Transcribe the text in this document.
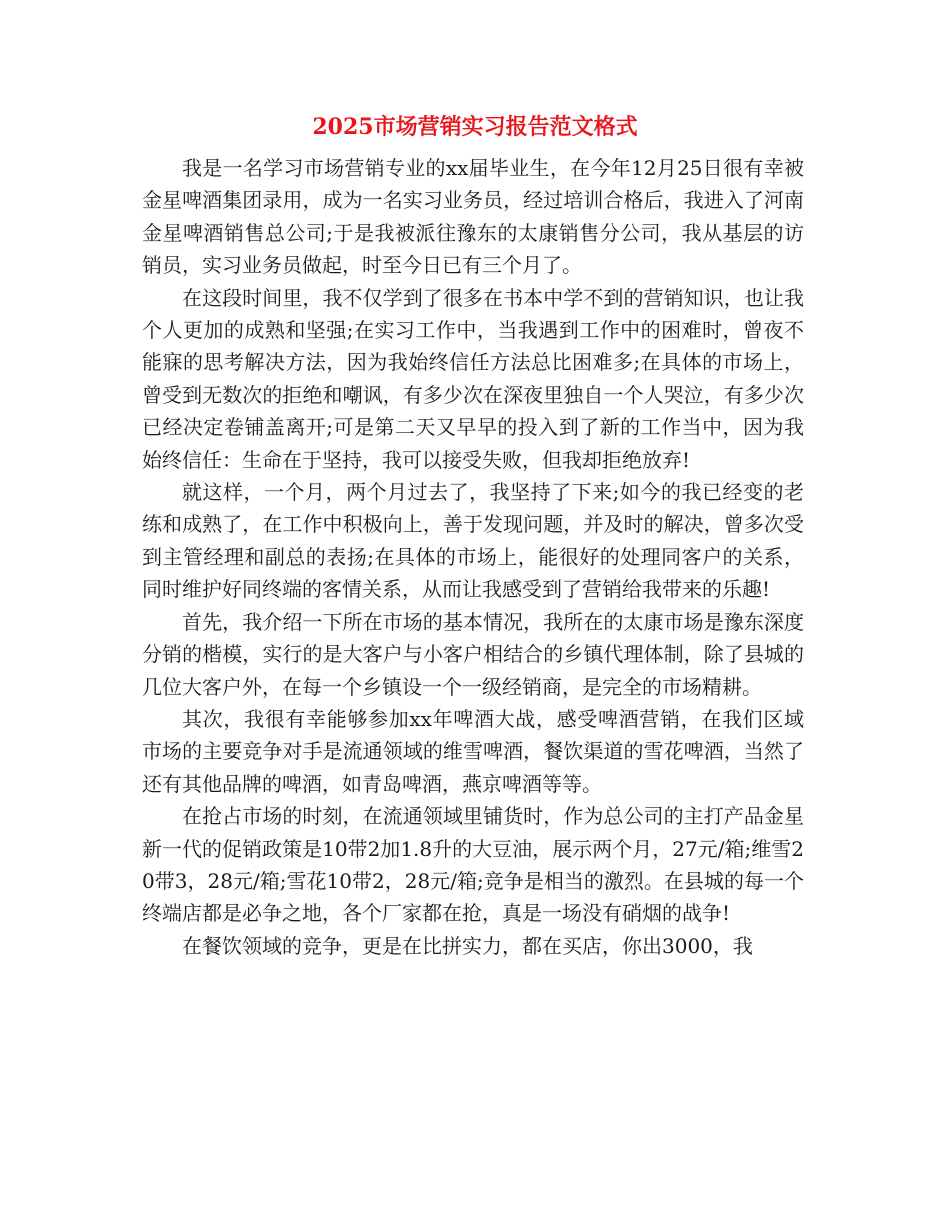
2025市场营销实习报告范文格式

我是一名学习市场营销专业的xx届毕业生，在今年12月25日很有幸被金星啤酒集团录用，成为一名实习业务员，经过培训合格后，我进入了河南金星啤酒销售总公司;于是我被派往豫东的太康销售分公司，我从基层的访销员，实习业务员做起，时至今日已有三个月了。

在这段时间里，我不仅学到了很多在书本中学不到的营销知识，也让我个人更加的成熟和坚强;在实习工作中，当我遇到工作中的困难时，曾夜不能寐的思考解决方法，因为我始终信任方法总比困难多;在具体的市场上，曾受到无数次的拒绝和嘲讽，有多少次在深夜里独自一个人哭泣，有多少次已经决定卷铺盖离开;可是第二天又早早的投入到了新的工作当中，因为我始终信任：生命在于坚持，我可以接受失败，但我却拒绝放弃!

就这样，一个月，两个月过去了，我坚持了下来;如今的我已经变的老练和成熟了，在工作中积极向上，善于发现问题，并及时的解决，曾多次受到主管经理和副总的表扬;在具体的市场上，能很好的处理同客户的关系，同时维护好同终端的客情关系，从而让我感受到了营销给我带来的乐趣!

首先，我介绍一下所在市场的基本情况，我所在的太康市场是豫东深度分销的楷模，实行的是大客户与小客户相结合的乡镇代理体制，除了县城的几位大客户外，在每一个乡镇设一个一级经销商，是完全的市场精耕。

其次，我很有幸能够参加xx年啤酒大战，感受啤酒营销，在我们区域市场的主要竞争对手是流通领域的维雪啤酒，餐饮渠道的雪花啤酒，当然了还有其他品牌的啤酒，如青岛啤酒，燕京啤酒等等。

在抢占市场的时刻，在流通领域里铺货时，作为总公司的主打产品金星新一代的促销政策是10带2加1.8升的大豆油，展示两个月，27元/箱;维雪20带3，28元/箱;雪花10带2，28元/箱;竞争是相当的激烈。在县城的每一个终端店都是必争之地，各个厂家都在抢，真是一场没有硝烟的战争!

在餐饮领域的竞争，更是在比拼实力，都在买店，你出3000，我
